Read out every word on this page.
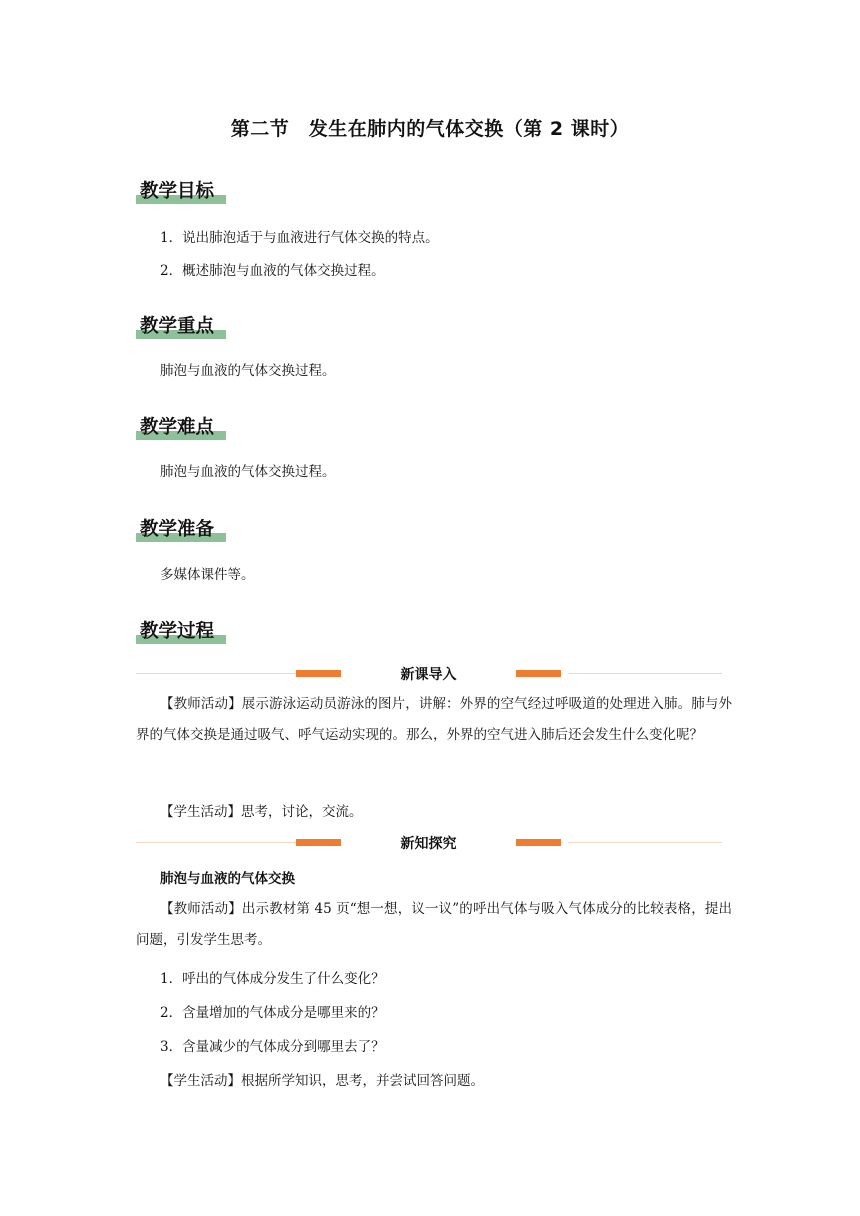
第二节　发生在肺内的气体交换（第 2 课时）
教学目标
1．说出肺泡适于与血液进行气体交换的特点。
2．概述肺泡与血液的气体交换过程。
教学重点
肺泡与血液的气体交换过程。
教学难点
肺泡与血液的气体交换过程。
教学准备
多媒体课件等。
教学过程
新课导入
【教师活动】展示游泳运动员游泳的图片，讲解：外界的空气经过呼吸道的处理进入肺。肺与外界的气体交换是通过吸气、呼气运动实现的。那么，外界的空气进入肺后还会发生什么变化呢？
【学生活动】思考，讨论，交流。
新知探究
肺泡与血液的气体交换
【教师活动】出示教材第 45 页“想一想，议一议”的呼出气体与吸入气体成分的比较表格，提出问题，引发学生思考。
1．呼出的气体成分发生了什么变化？
2．含量增加的气体成分是哪里来的？
3．含量减少的气体成分到哪里去了？
【学生活动】根据所学知识，思考，并尝试回答问题。
